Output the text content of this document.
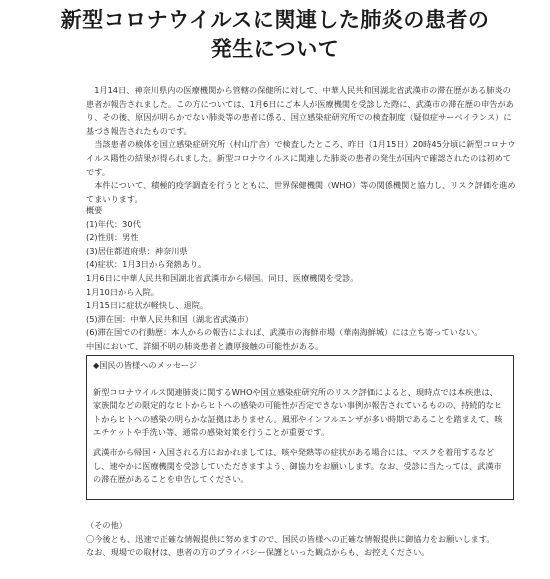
新型コロナウイルスに関連した肺炎の患者の
発生について

1月14日、神奈川県内の医療機関から管轄の保健所に対して、中華人民共和国湖北省武漢市の滞在歴がある肺炎の患者が報告されました。この方については、1月6日にご本人が医療機関を受診した際に、武漢市の滞在歴の申告があり、その後、原因が明らかでない肺炎等の患者に係る、国立感染症研究所での検査制度（疑似症サーベイランス）に基づき報告されたものです。

当該患者の検体を国立感染症研究所（村山庁舎）で検査したところ、昨日（1月15日）20時45分頃に新型コロナウイルス陽性の結果が得られました。新型コロナウイルスに関連した肺炎の患者の発生が国内で確認されたのは初めてです。

本件について、積極的疫学調査を行うとともに、世界保健機関（WHO）等の関係機関と協力し、リスク評価を進めてまいります。

概要

(1)年代：30代

(2)性別：男性

(3)居住都道府県：神奈川県

(4)症状：1月3日から発熱あり。

1月6日に中華人民共和国湖北省武漢市から帰国。同日、医療機関を受診。

1月10日から入院。

1月15日に症状が軽快し、退院。

(5)滞在国：中華人民共和国（湖北省武漢市）

(6)滞在国での行動歴：本人からの報告によれば、武漢市の海鮮市場（華南海鮮城）には立ち寄っていない。

中国において、詳細不明の肺炎患者と濃厚接触の可能性がある。

◆国民の皆様へのメッセージ

新型コロナウイルス関連肺炎に関するWHOや国立感染症研究所のリスク評価によると、現時点では本疾患は、家族間などの限定的なヒトからヒトへの感染の可能性が否定できない事例が報告されているものの、持続的なヒトからヒトへの感染の明らかな証拠はありません。風邪やインフルエンザが多い時期であることを踏まえて、咳エチケットや手洗い等、通常の感染対策を行うことが重要です。

武漢市から帰国・入国される方におかれましては、咳や発熱等の症状がある場合には、マスクを着用するなどし、速やかに医療機関を受診していただきますよう、御協力をお願いします。なお、受診に当たっては、武漢市の滞在歴があることを申告してください。

（その他）

〇今後とも、迅速で正確な情報提供に努めますので、国民の皆様への正確な情報提供に御協力をお願いします。

なお、現場での取材は、患者の方のプライバシー保護といった観点からも、お控えください。
